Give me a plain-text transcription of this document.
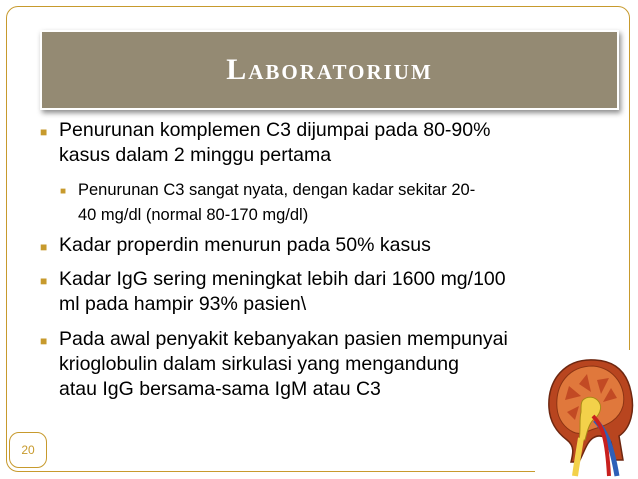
Laboratorium
■ Penurunan komplemen C3 dijumpai pada 80-90%
kasus dalam 2 minggu pertama
■ Penurunan C3 sangat nyata, dengan kadar sekitar 20-
40 mg/dl (normal 80-170 mg/dl)
■ Kadar properdin menurun pada 50% kasus
■ Kadar IgG sering meningkat lebih dari 1600 mg/100
ml pada hampir 93% pasien\
■ Pada awal penyakit kebanyakan pasien mempunyai
krioglobulin dalam sirkulasi yang mengandung
atau IgG bersama-sama IgM atau C3
20
